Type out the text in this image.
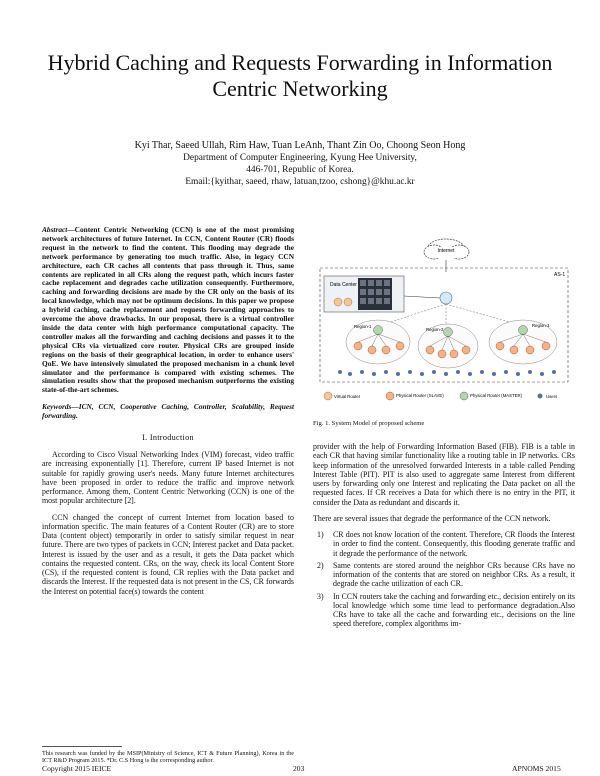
Hybrid Caching and Requests Forwarding in Information Centric Networking
Kyi Thar, Saeed Ullah, Rim Haw, Tuan LeAnh, Thant Zin Oo, Choong Seon Hong
Department of Computer Engineering, Kyung Hee University,
446-701, Republic of Korea.
Email:{kyithar, saeed, rhaw, latuan,tzoo, cshong}@khu.ac.kr

Abstract—Content Centric Networking (CCN) is one of the most promising network architectures of future Internet. In CCN, Content Router (CR) floods request in the network to find the content. This flooding may degrade the network performance by generating too much traffic. Also, in legacy CCN architecture, each CR caches all contents that pass through it. Thus, same contents are replicated in all CRs along the request path, which incurs faster cache replacement and degrades cache utilization consequently. Furthermore, caching and forwarding decisions are made by the CR only on the basis of its local knowledge, which may not be optimum decisions. In this paper we propose a hybrid caching, cache replacement and requests forwarding approaches to overcome the above drawbacks. In our proposal, there is a virtual controller inside the data center with high performance computational capacity. The controller makes all the forwarding and caching decisions and passes it to the physical CRs via virtualized core router. Physical CRs are grouped inside regions on the basis of their geographical location, in order to enhance users' QoE. We have intensively simulated the proposed mechanism in a chunk level simulator and the performance is compared with existing schemes. The simulation results show that the proposed mechanism outperforms the existing state-of-the-art schemes.

Keywords—ICN, CCN, Cooperative Caching, Controller, Scalability, Request forwarding.

I. Introduction

According to Cisco Visual Networking Index (VIM) forecast, video traffic are increasing exponentially [1]. Therefore, current IP based Internet is not suitable for rapidly growing user's needs. Many future Internet architectures have been proposed in order to reduce the traffic and improve network performance. Among them, Content Centric Networking (CCN) is one of the most popular architecture [2].

CCN changed the concept of current Internet from location based to information specific. The main features of a Content Router (CR) are to store Data (content object) temporarily in order to satisfy similar request in near future. There are two types of packets in CCN; Interest packet and Data packet. Interest is issued by the user and as a result, it gets the Data packet which contains the requested content. CRs, on the way, check its local Content Store (CS), if the requested content is found, CR replies with the Data packet and discards the Interest. If the requested data is not present in the CS, CR forwards the Interest on potential face(s) towards the content

This research was funded by the MSIP(Ministry of Science, ICT & Future Planning), Korea in the ICT R&D Program 2015. *Dr. C.S Hong is the corresponding author.

Internet
AS-1
Data Center
Region-1
Region-2
Region-3
Virtual Router	Physical Router (SLAVE)	Physical Router (MASTER)	Users
Fig. 1. System Model of proposed scheme

provider with the help of Forwarding Information Based (FIB). FIB is a table in each CR that having similar functionality like a routing table in IP networks. CRs keep information of the unresolved forwarded Interests in a table called Pending Interest Table (PIT). PIT is also used to aggregate same Interest from different users by forwarding only one Interest and replicating the Data packet on all the requested faces. If CR receives a Data for which there is no entry in the PIT, it consider the Data as redundant and discards it.

There are several issues that degrade the performance of the CCN network.

1) CR does not know location of the content. Therefore, CR floods the Interest in order to find the content. Consequently, this flooding generate traffic and it degrade the performance of the network.
2) Same contents are stored around the neighbor CRs because CRs have no information of the contents that are stored on neighbor CRs. As a result, it degrade the cache utilization of each CR.
3) In CCN routers take the caching and forwarding etc., decision entirely on its local knowledge which some time lead to performance degradation.Also CRs have to take all the cache and forwarding etc., decisions on the line speed therefore, complex algorithms im-
Copyright 2015 IEICE	203	APNOMS 2015
